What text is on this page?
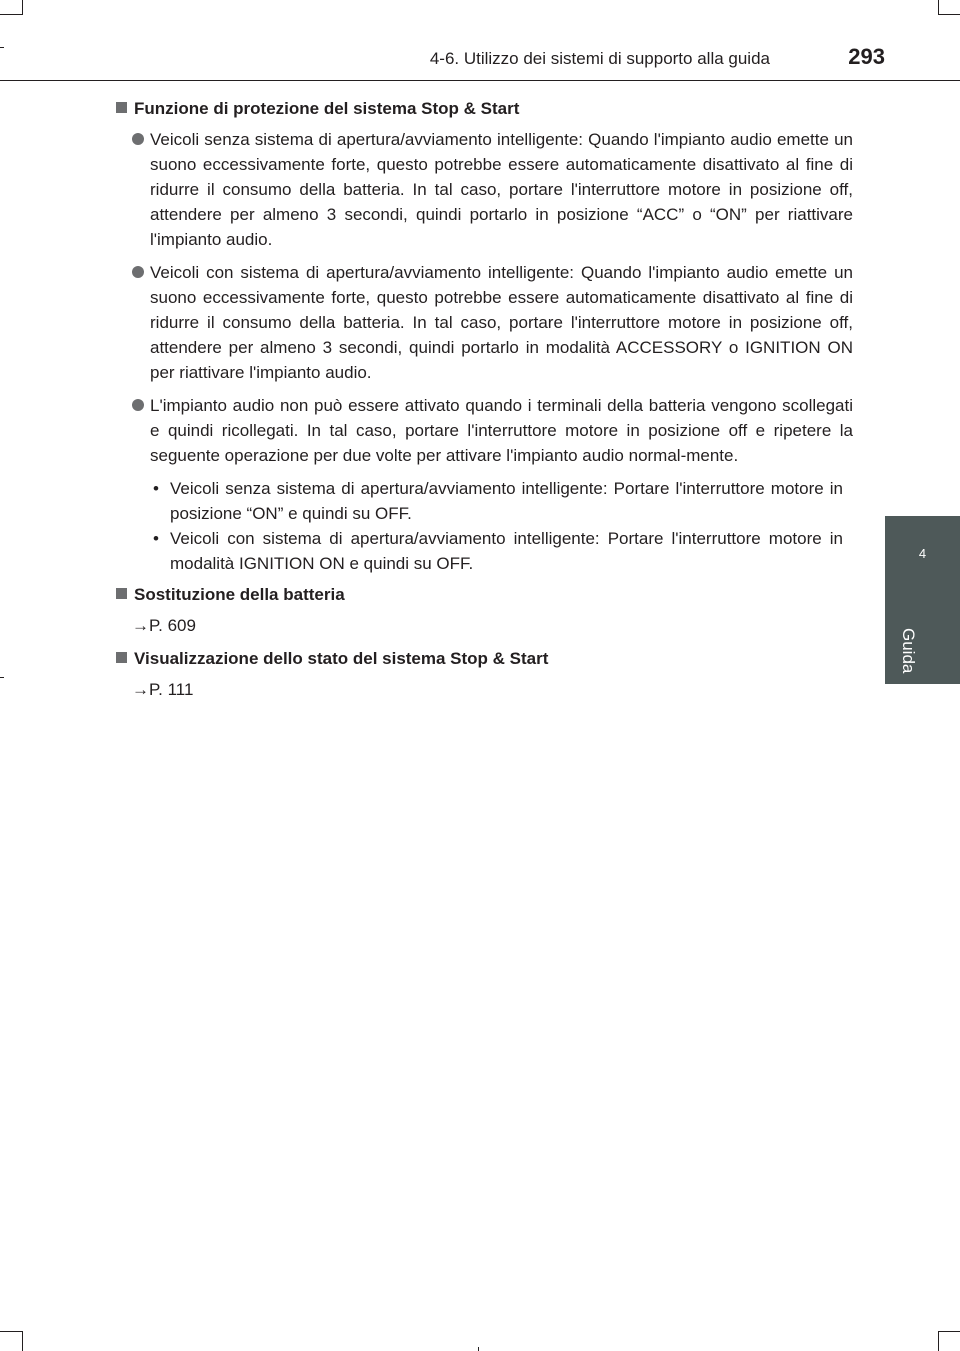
4-6. Utilizzo dei sistemi di supporto alla guida	293
4
Guida
Funzione di protezione del sistema Stop & Start
Veicoli senza sistema di apertura/avviamento intelligente: Quando l'impianto audio emette un suono eccessivamente forte, questo potrebbe essere automaticamente disattivato al fine di ridurre il consumo della batteria. In tal caso, portare l'interruttore motore in posizione off, attendere per almeno 3 secondi, quindi portarlo in posizione “ACC” o “ON” per riattivare l'impianto audio.
Veicoli con sistema di apertura/avviamento intelligente: Quando l'impianto audio emette un suono eccessivamente forte, questo potrebbe essere automaticamente disattivato al fine di ridurre il consumo della batteria. In tal caso, portare l'interruttore motore in posizione off, attendere per almeno 3 secondi, quindi portarlo in modalità ACCESSORY o IGNITION ON per riattivare l'impianto audio.
L'impianto audio non può essere attivato quando i terminali della batteria vengono scollegati e quindi ricollegati. In tal caso, portare l'interruttore motore in posizione off e ripetere la seguente operazione per due volte per attivare l'impianto audio normal-mente.
• Veicoli senza sistema di apertura/avviamento intelligente: Portare l'interruttore motore in posizione “ON” e quindi su OFF.
• Veicoli con sistema di apertura/avviamento intelligente: Portare l'interruttore motore in modalità IGNITION ON e quindi su OFF.
Sostituzione della batteria
→P. 609
Visualizzazione dello stato del sistema Stop & Start
→P. 111
